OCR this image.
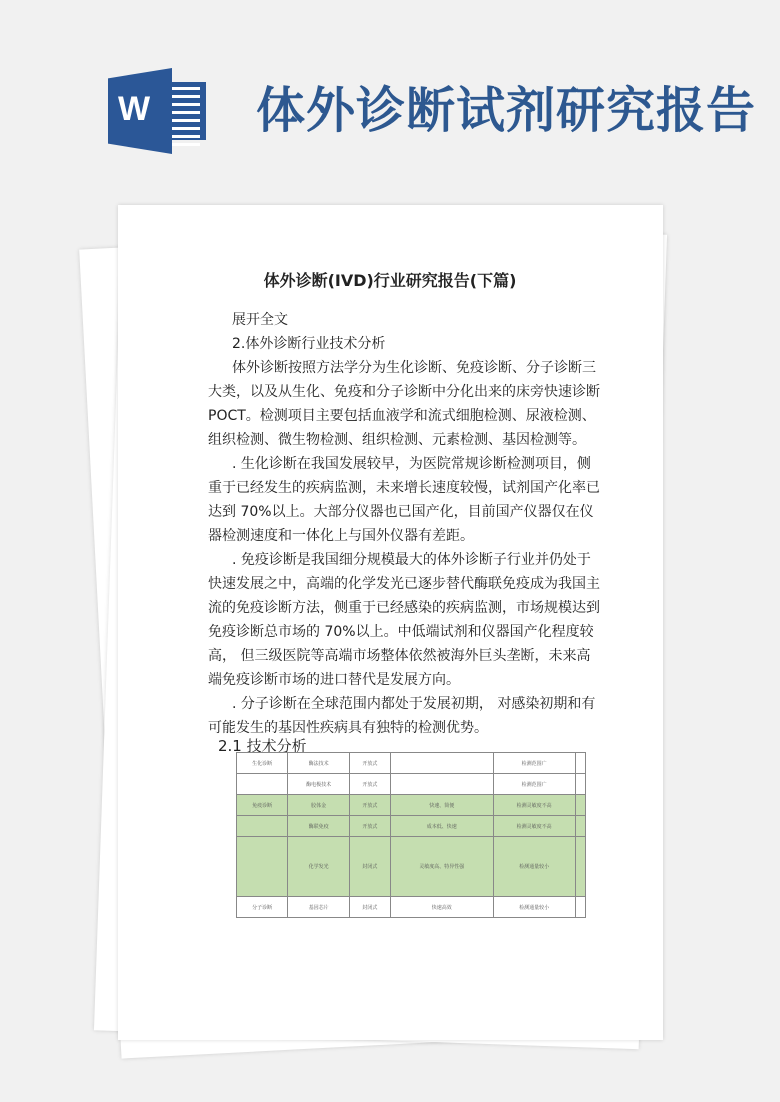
W 体外诊断试剂研究报告
体外诊断(IVD)行业研究报告(下篇)

展开全文

2.体外诊断行业技术分析

体外诊断按照方法学分为生化诊断、免疫诊断、分子诊断三大类，以及从生化、免疫和分子诊断中分化出来的床旁快速诊断 POCT。检测项目主要包括血液学和流式细胞检测、尿液检测、组织检测、微生物检测、组织检测、元素检测、基因检测等。

. 生化诊断在我国发展较早，为医院常规诊断检测项目，侧重于已经发生的疾病监测，未来增长速度较慢，试剂国产化率已达到 70%以上。大部分仪器也已国产化，目前国产仪器仅在仪器检测速度和一体化上与国外仪器有差距。

. 免疫诊断是我国细分规模最大的体外诊断子行业并仍处于快速发展之中，高端的化学发光已逐步替代酶联免疫成为我国主流的免疫诊断方法，侧重于已经感染的疾病监测，市场规模达到免疫诊断总市场的 70%以上。中低端试剂和仪器国产化程度较高， 但三级医院等高端市场整体依然被海外巨头垄断，未来高端免疫诊断市场的进口替代是发展方向。

. 分子诊断在全球范围内都处于发展初期， 对感染初期和有可能发生的基因性疾病具有独特的检测优势。

2.1 技术分析
生化诊断	酶法技术	开放式		检测范围广	
	酶电极技术	开放式		检测范围广	
免疫诊断	胶体金	开放式	快速、简便	检测灵敏度不高	
	酶联免疫	开放式	成本低、快速	检测灵敏度不高	
	化学发光	封闭式	灵敏度高、特异性强	检测通量较小	
分子诊断	基因芯片	封闭式	快速高效	检测通量较小	
